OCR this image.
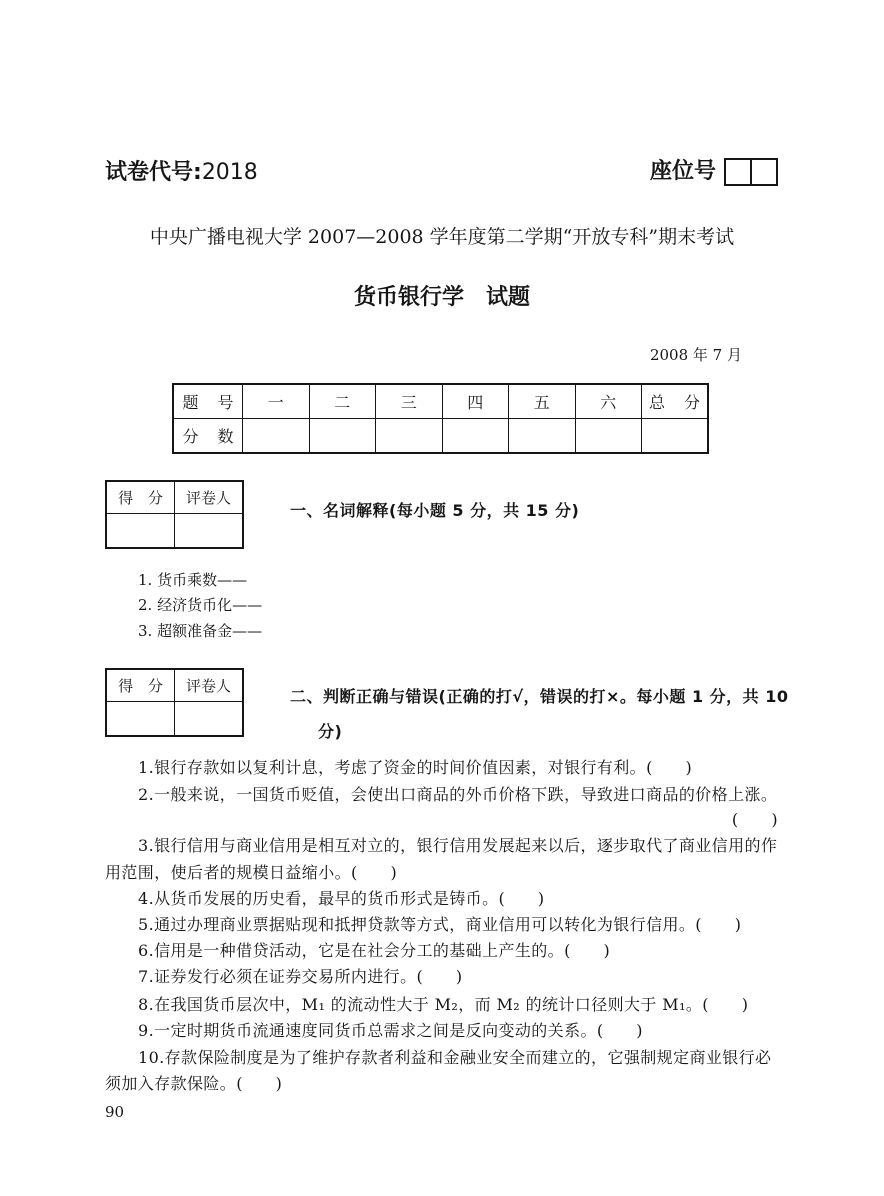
试卷代号:2018	座位号
中央广播电视大学 2007—2008 学年度第二学期“开放专科”期末考试
货币银行学　试题
2008 年 7 月
题 号	一	二	三	四	五	六	总 分
分 数							
得 分	评卷人

一、名词解释(每小题 5 分，共 15 分)
1. 货币乘数——
2. 经济货币化——
3. 超额准备金——
得 分	评卷人

二、判断正确与错误(正确的打√，错误的打×。每小题 1 分，共 10
分)
1.银行存款如以复利计息，考虑了资金的时间价值因素，对银行有利。(　　)
2.一般来说，一国货币贬值，会使出口商品的外币价格下跌，导致进口商品的价格上涨。
(　　)
3.银行信用与商业信用是相互对立的，银行信用发展起来以后，逐步取代了商业信用的作
用范围，使后者的规模日益缩小。(　　)
4.从货币发展的历史看，最早的货币形式是铸币。(　　)
5.通过办理商业票据贴现和抵押贷款等方式，商业信用可以转化为银行信用。(　　)
6.信用是一种借贷活动，它是在社会分工的基础上产生的。(　　)
7.证券发行必须在证券交易所内进行。(　　)
8.在我国货币层次中，M₁ 的流动性大于 M₂，而 M₂ 的统计口径则大于 M₁。(　　)
9.一定时期货币流通速度同货币总需求之间是反向变动的关系。(　　)
10.存款保险制度是为了维护存款者利益和金融业安全而建立的，它强制规定商业银行必
须加入存款保险。(　　)
90
